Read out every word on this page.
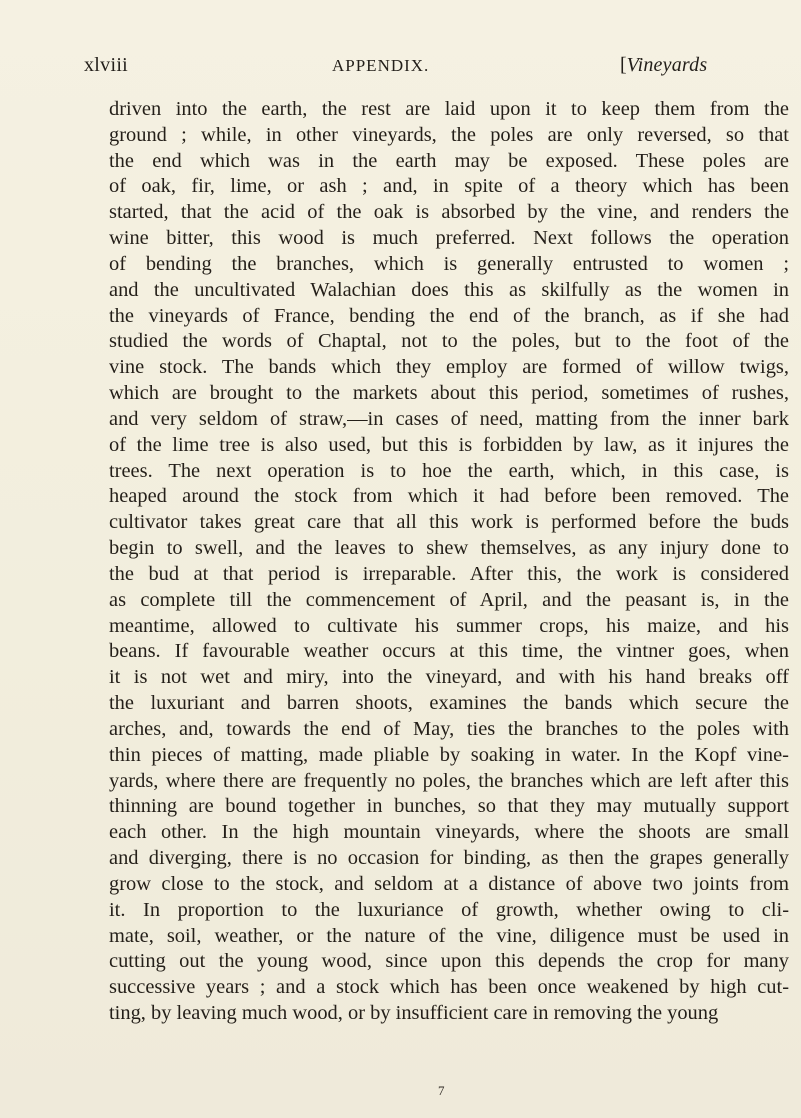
xlviii	APPENDIX.	[Vineyards
driven into the earth, the rest are laid upon it to keep them from the
ground ; while, in other vineyards, the poles are only reversed, so that
the end which was in the earth may be exposed. These poles are
of oak, fir, lime, or ash ; and, in spite of a theory which has been
started, that the acid of the oak is absorbed by the vine, and renders the
wine bitter, this wood is much preferred. Next follows the operation
of bending the branches, which is generally entrusted to women ;
and the uncultivated Walachian does this as skilfully as the women in
the vineyards of France, bending the end of the branch, as if she had
studied the words of Chaptal, not to the poles, but to the foot of the
vine stock. The bands which they employ are formed of willow twigs,
which are brought to the markets about this period, sometimes of rushes,
and very seldom of straw,—in cases of need, matting from the inner bark
of the lime tree is also used, but this is forbidden by law, as it injures the
trees. The next operation is to hoe the earth, which, in this case, is
heaped around the stock from which it had before been removed. The
cultivator takes great care that all this work is performed before the buds
begin to swell, and the leaves to shew themselves, as any injury done to
the bud at that period is irreparable. After this, the work is considered
as complete till the commencement of April, and the peasant is, in the
meantime, allowed to cultivate his summer crops, his maize, and his
beans. If favourable weather occurs at this time, the vintner goes, when
it is not wet and miry, into the vineyard, and with his hand breaks off
the luxuriant and barren shoots, examines the bands which secure the
arches, and, towards the end of May, ties the branches to the poles with
thin pieces of matting, made pliable by soaking in water. In the Kopf vine-
yards, where there are frequently no poles, the branches which are left after this
thinning are bound together in bunches, so that they may mutually support
each other. In the high mountain vineyards, where the shoots are small
and diverging, there is no occasion for binding, as then the grapes generally
grow close to the stock, and seldom at a distance of above two joints from
it. In proportion to the luxuriance of growth, whether owing to cli-
mate, soil, weather, or the nature of the vine, diligence must be used in
cutting out the young wood, since upon this depends the crop for many
successive years ; and a stock which has been once weakened by high cut-
ting, by leaving much wood, or by insufficient care in removing the young
7
